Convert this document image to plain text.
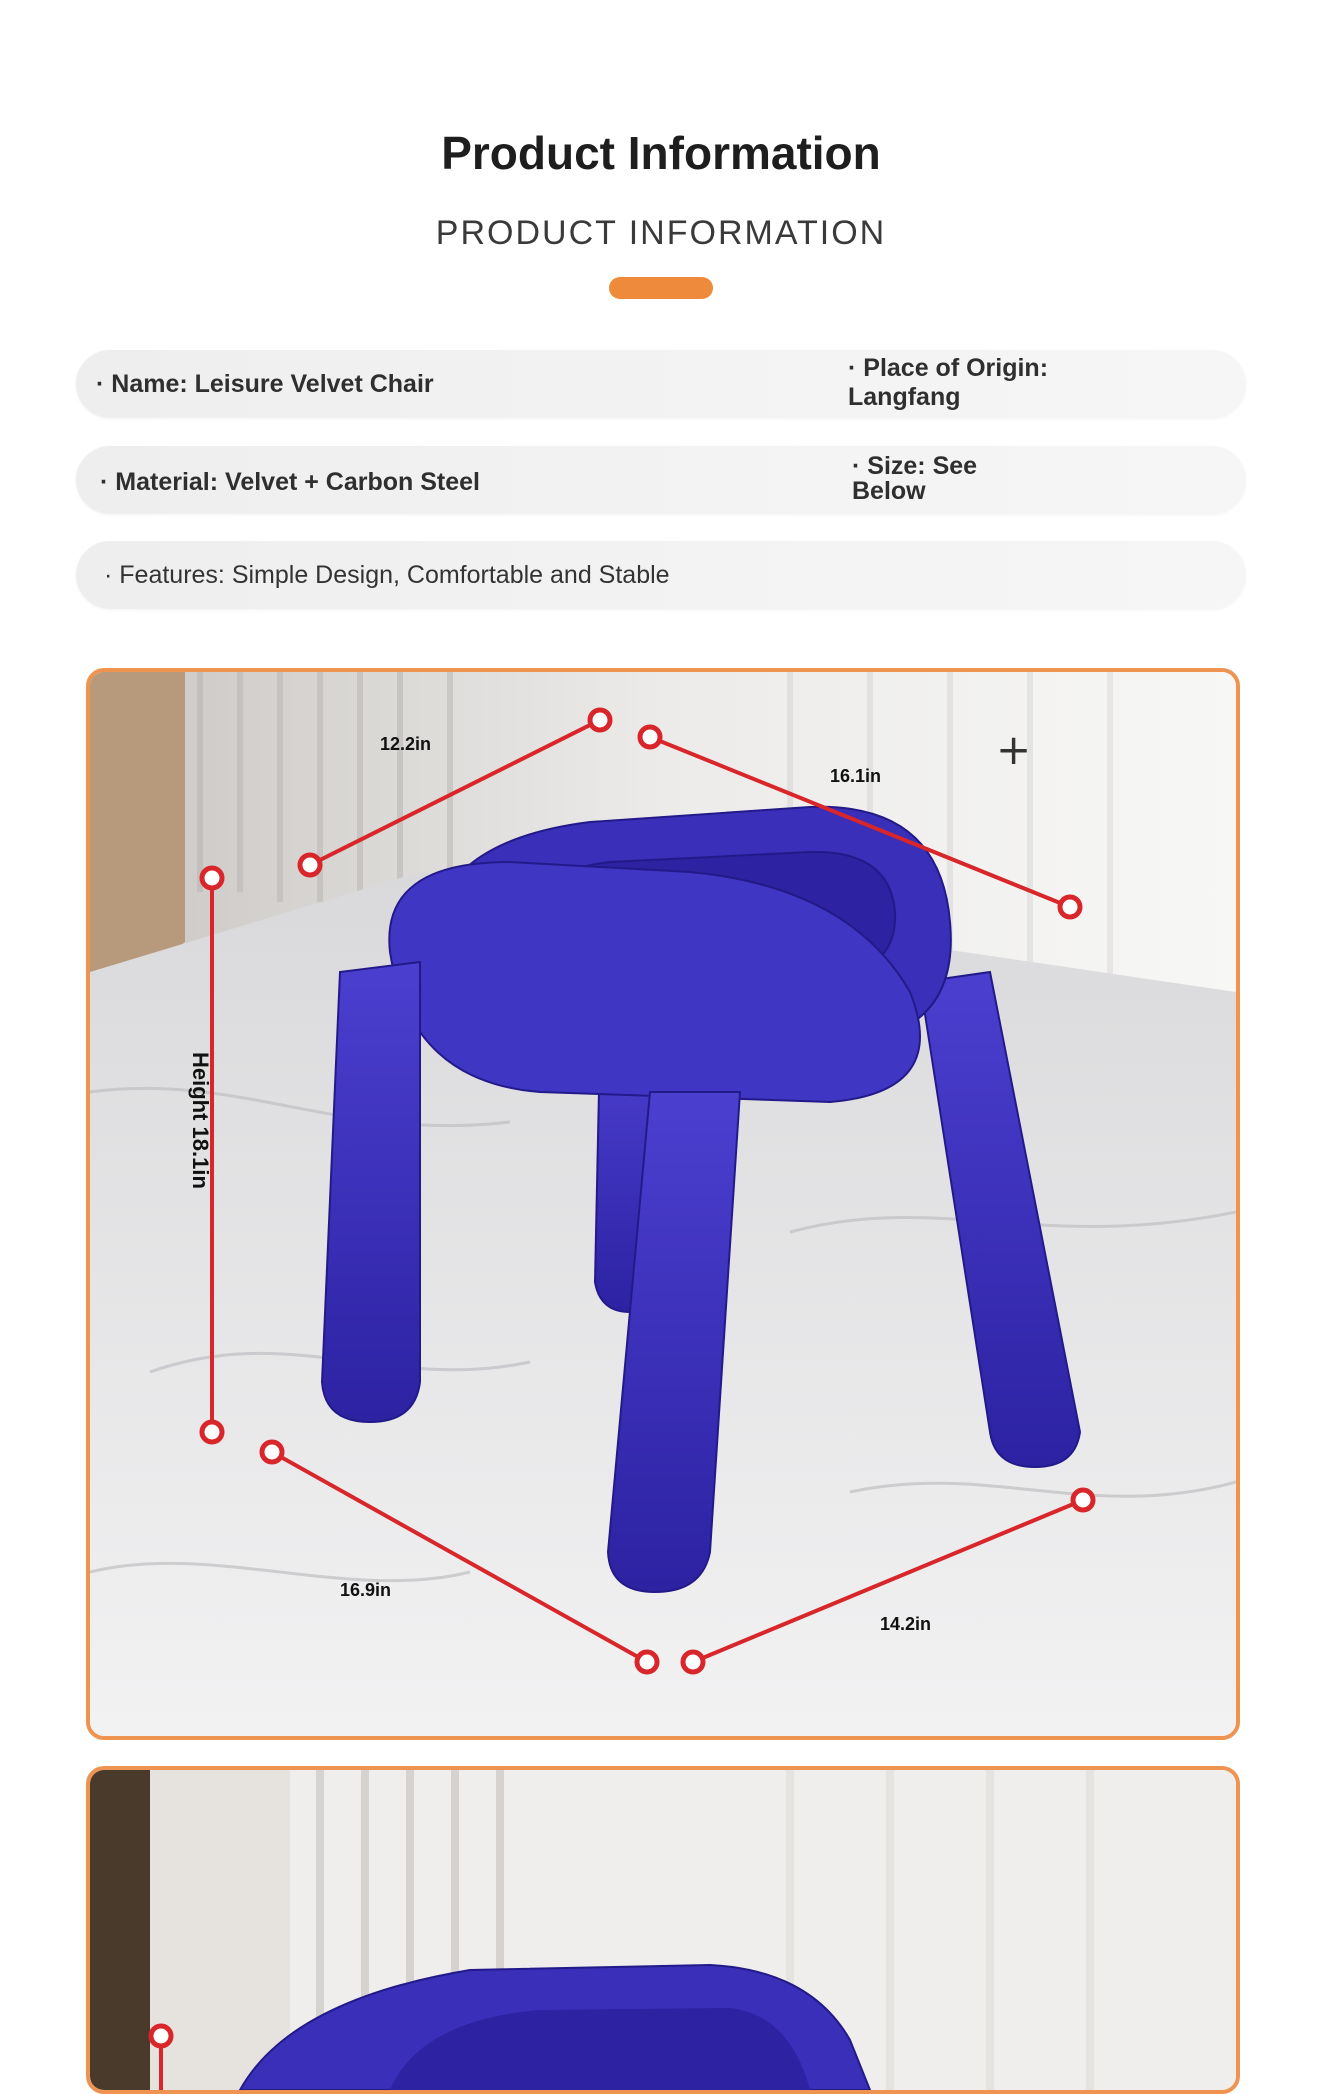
Product Information
PRODUCT INFORMATION
· Name: Leisure Velvet Chair
· Place of Origin:
Langfang
· Material: Velvet + Carbon Steel
· Size: See
Below
· Features: Simple Design, Comfortable and Stable
12.2in
16.1in
Height 18.1in
16.9in
14.2in
+
